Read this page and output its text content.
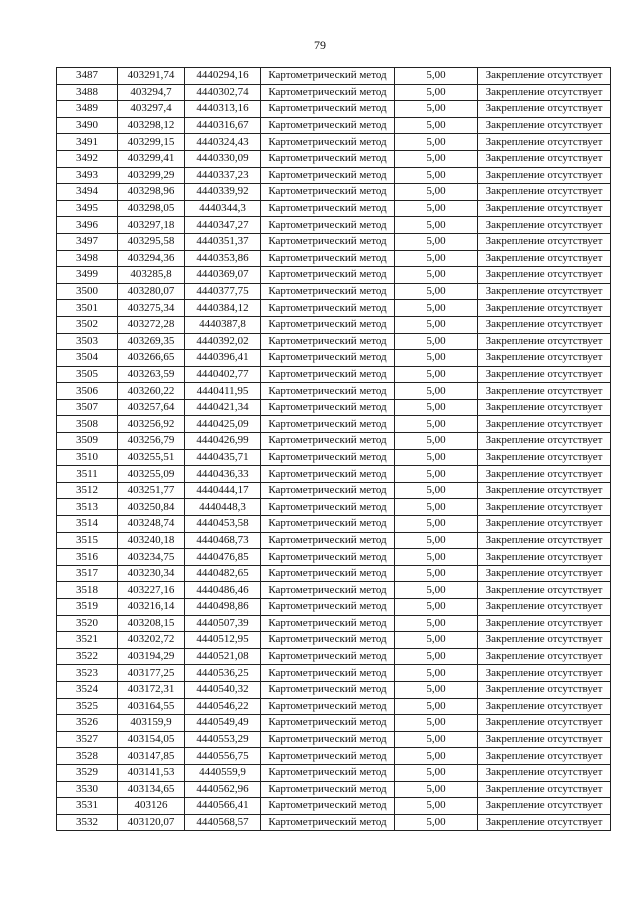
79
3487	403291,74	4440294,16	Картометрический метод	5,00	Закрепление отсутствует
3488	403294,7	4440302,74	Картометрический метод	5,00	Закрепление отсутствует
3489	403297,4	4440313,16	Картометрический метод	5,00	Закрепление отсутствует
3490	403298,12	4440316,67	Картометрический метод	5,00	Закрепление отсутствует
3491	403299,15	4440324,43	Картометрический метод	5,00	Закрепление отсутствует
3492	403299,41	4440330,09	Картометрический метод	5,00	Закрепление отсутствует
3493	403299,29	4440337,23	Картометрический метод	5,00	Закрепление отсутствует
3494	403298,96	4440339,92	Картометрический метод	5,00	Закрепление отсутствует
3495	403298,05	4440344,3	Картометрический метод	5,00	Закрепление отсутствует
3496	403297,18	4440347,27	Картометрический метод	5,00	Закрепление отсутствует
3497	403295,58	4440351,37	Картометрический метод	5,00	Закрепление отсутствует
3498	403294,36	4440353,86	Картометрический метод	5,00	Закрепление отсутствует
3499	403285,8	4440369,07	Картометрический метод	5,00	Закрепление отсутствует
3500	403280,07	4440377,75	Картометрический метод	5,00	Закрепление отсутствует
3501	403275,34	4440384,12	Картометрический метод	5,00	Закрепление отсутствует
3502	403272,28	4440387,8	Картометрический метод	5,00	Закрепление отсутствует
3503	403269,35	4440392,02	Картометрический метод	5,00	Закрепление отсутствует
3504	403266,65	4440396,41	Картометрический метод	5,00	Закрепление отсутствует
3505	403263,59	4440402,77	Картометрический метод	5,00	Закрепление отсутствует
3506	403260,22	4440411,95	Картометрический метод	5,00	Закрепление отсутствует
3507	403257,64	4440421,34	Картометрический метод	5,00	Закрепление отсутствует
3508	403256,92	4440425,09	Картометрический метод	5,00	Закрепление отсутствует
3509	403256,79	4440426,99	Картометрический метод	5,00	Закрепление отсутствует
3510	403255,51	4440435,71	Картометрический метод	5,00	Закрепление отсутствует
3511	403255,09	4440436,33	Картометрический метод	5,00	Закрепление отсутствует
3512	403251,77	4440444,17	Картометрический метод	5,00	Закрепление отсутствует
3513	403250,84	4440448,3	Картометрический метод	5,00	Закрепление отсутствует
3514	403248,74	4440453,58	Картометрический метод	5,00	Закрепление отсутствует
3515	403240,18	4440468,73	Картометрический метод	5,00	Закрепление отсутствует
3516	403234,75	4440476,85	Картометрический метод	5,00	Закрепление отсутствует
3517	403230,34	4440482,65	Картометрический метод	5,00	Закрепление отсутствует
3518	403227,16	4440486,46	Картометрический метод	5,00	Закрепление отсутствует
3519	403216,14	4440498,86	Картометрический метод	5,00	Закрепление отсутствует
3520	403208,15	4440507,39	Картометрический метод	5,00	Закрепление отсутствует
3521	403202,72	4440512,95	Картометрический метод	5,00	Закрепление отсутствует
3522	403194,29	4440521,08	Картометрический метод	5,00	Закрепление отсутствует
3523	403177,25	4440536,25	Картометрический метод	5,00	Закрепление отсутствует
3524	403172,31	4440540,32	Картометрический метод	5,00	Закрепление отсутствует
3525	403164,55	4440546,22	Картометрический метод	5,00	Закрепление отсутствует
3526	403159,9	4440549,49	Картометрический метод	5,00	Закрепление отсутствует
3527	403154,05	4440553,29	Картометрический метод	5,00	Закрепление отсутствует
3528	403147,85	4440556,75	Картометрический метод	5,00	Закрепление отсутствует
3529	403141,53	4440559,9	Картометрический метод	5,00	Закрепление отсутствует
3530	403134,65	4440562,96	Картометрический метод	5,00	Закрепление отсутствует
3531	403126	4440566,41	Картометрический метод	5,00	Закрепление отсутствует
3532	403120,07	4440568,57	Картометрический метод	5,00	Закрепление отсутствует
